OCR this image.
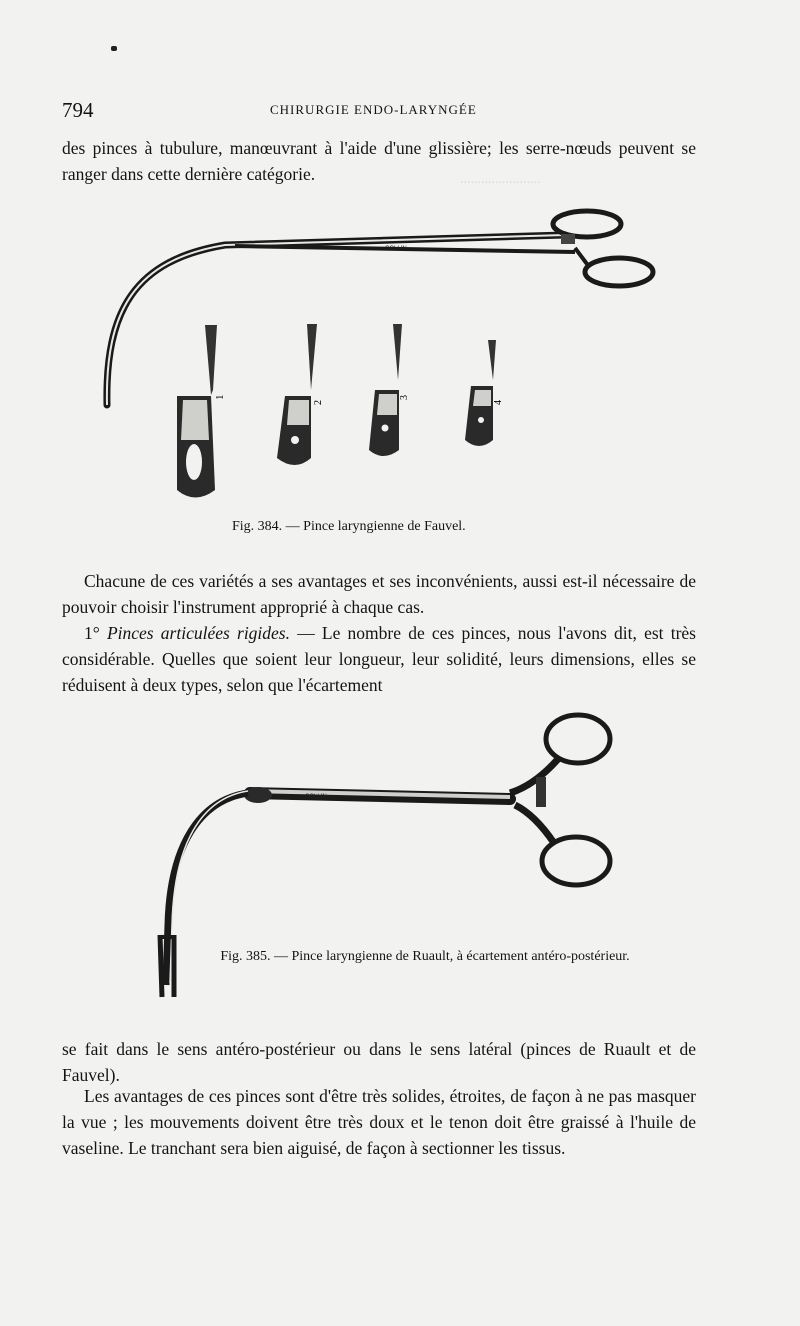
.......................
794	CHIRURGIE ENDO-LARYNGÉE
des pinces à tubulure, manœuvrant à l'aide d'une glissière; les serre-nœuds peuvent se ranger dans cette dernière catégorie.
COLLIN
1
2
3
4
Fig. 384. — Pince laryngienne de Fauvel.
Chacune de ces variétés a ses avantages et ses inconvénients, aussi est-il nécessaire de pouvoir choisir l'instrument approprié à chaque cas.
1° Pinces articulées rigides. — Le nombre de ces pinces, nous l'avons dit, est très considérable. Quelles que soient leur longueur, leur solidité, leurs dimensions, elles se réduisent à deux types, selon que l'écartement
COLLIN
Fig. 385. — Pince laryngienne de Ruault, à écartement antéro-postérieur.
se fait dans le sens antéro-postérieur ou dans le sens latéral (pinces de Ruault et de Fauvel).
Les avantages de ces pinces sont d'être très solides, étroites, de façon à ne pas masquer la vue ; les mouvements doivent être très doux et le tenon doit être graissé à l'huile de vaseline. Le tranchant sera bien aiguisé, de façon à sectionner les tissus.
